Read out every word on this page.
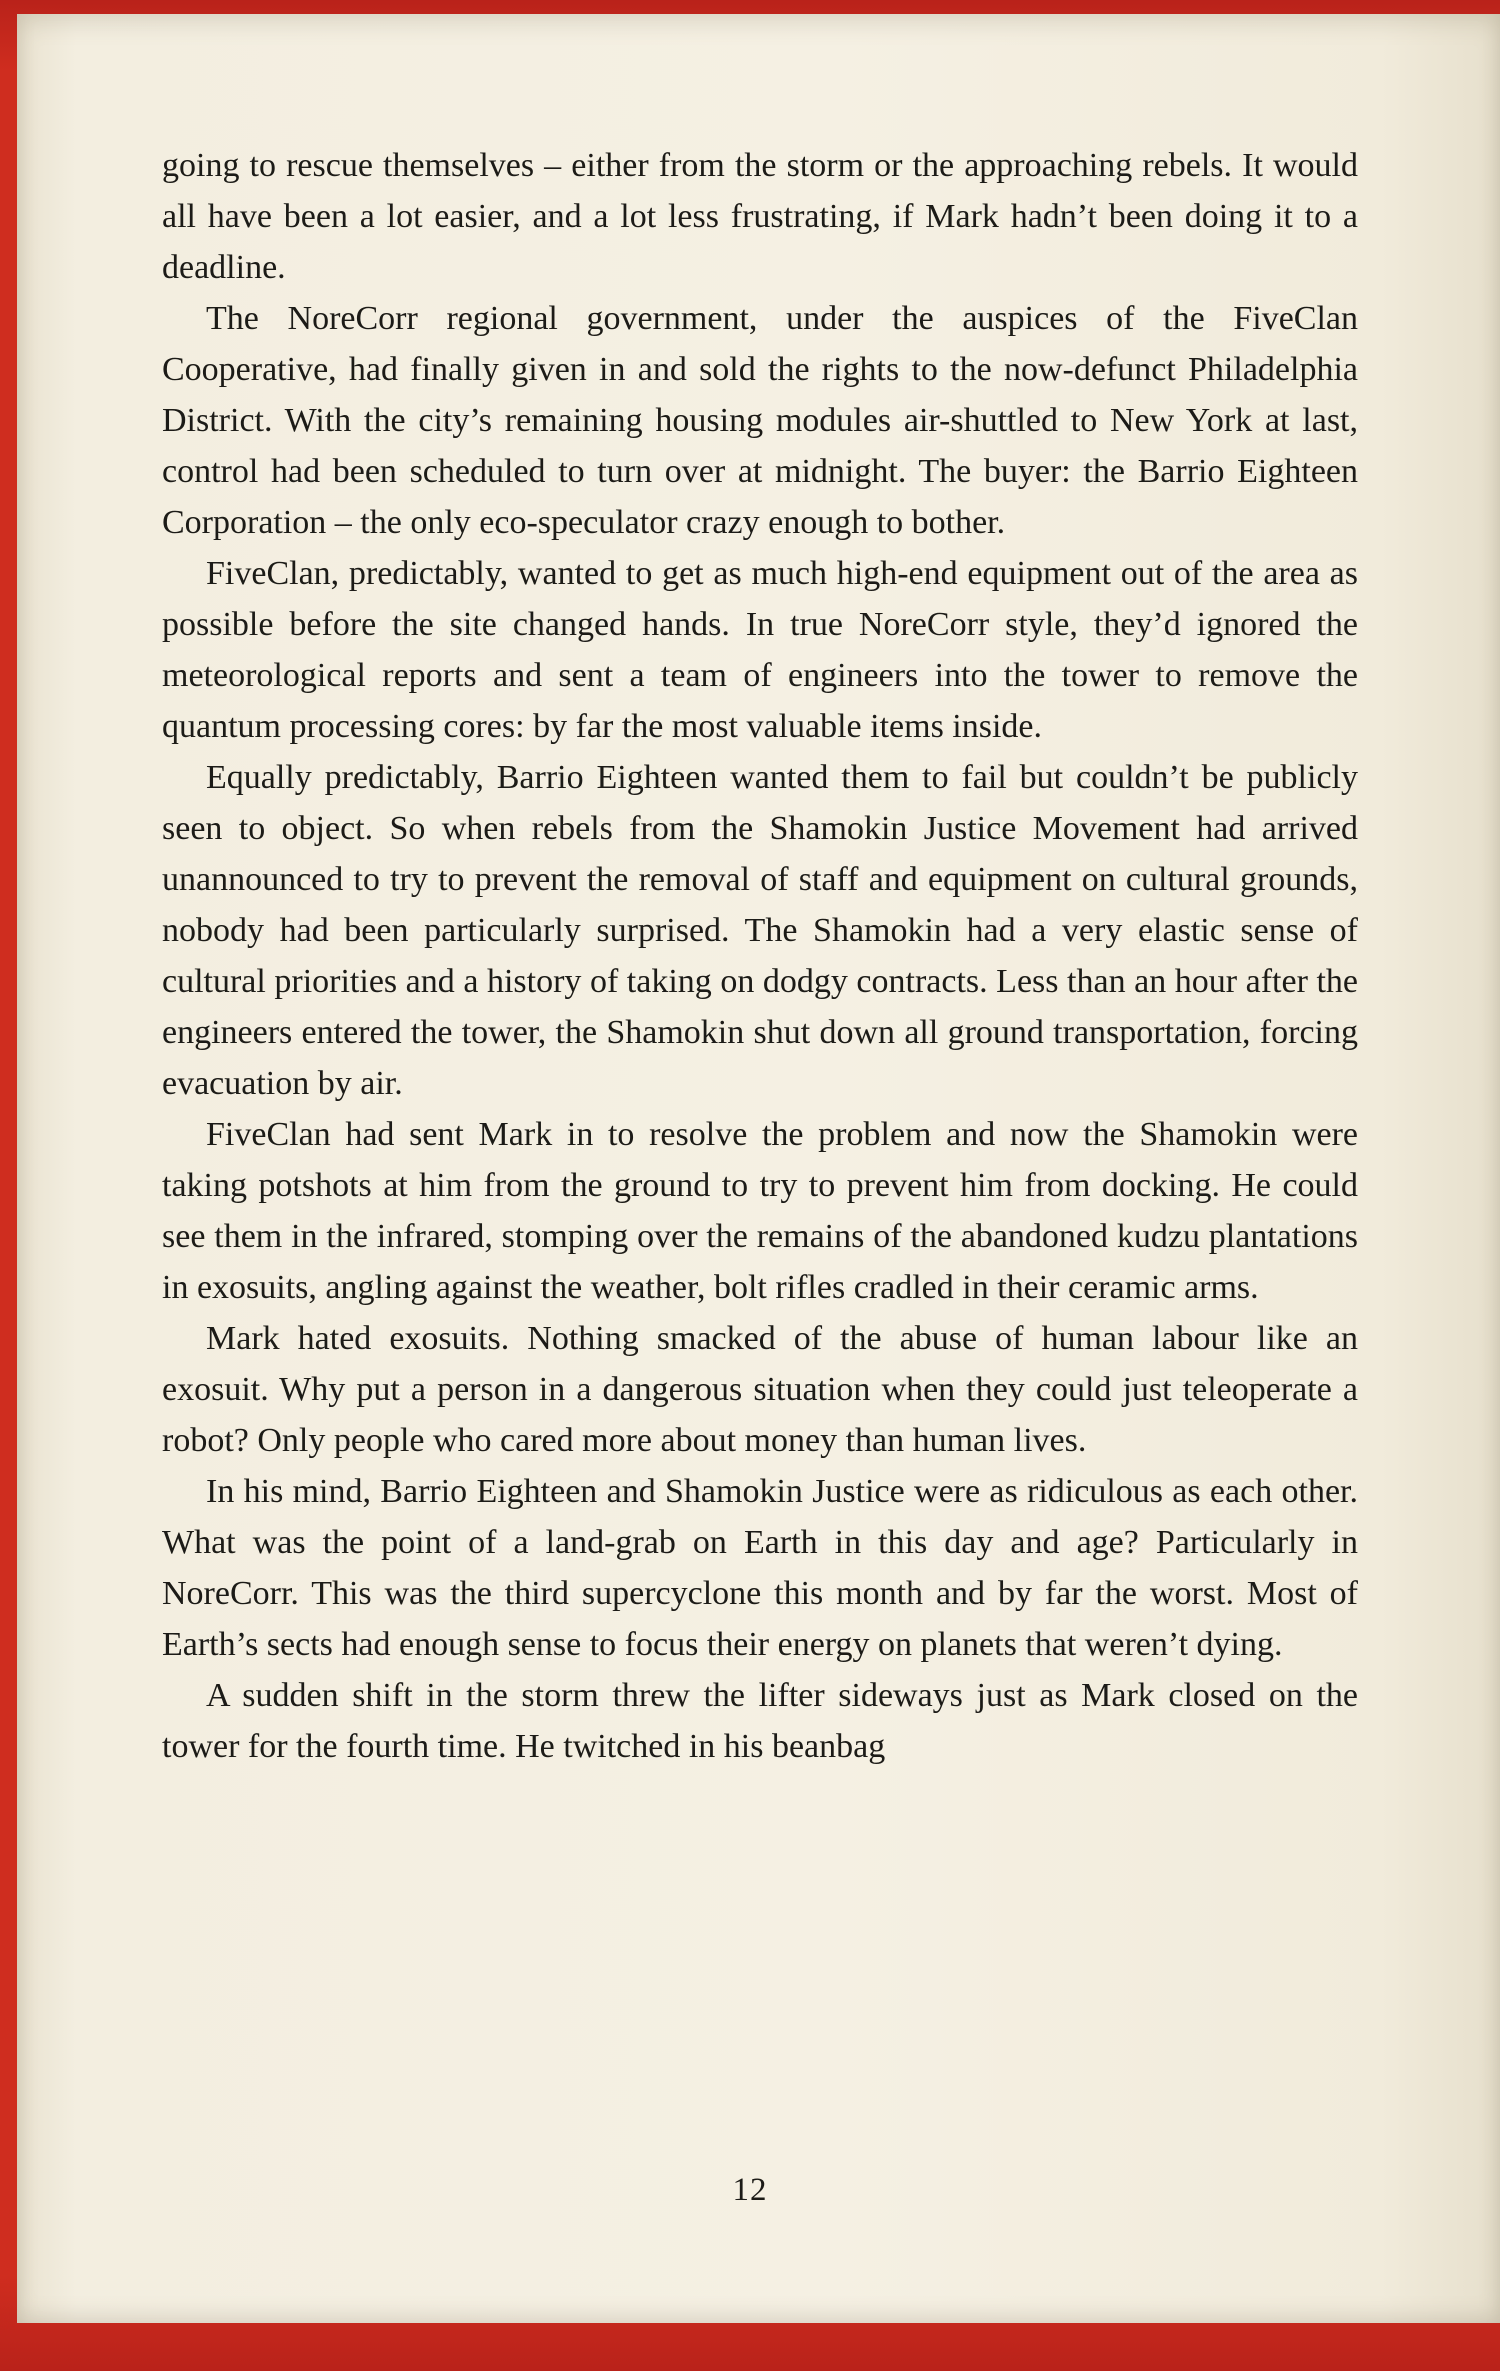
going to rescue themselves – either from the storm or the approaching rebels. It would all have been a lot easier, and a lot less frustrating, if Mark hadn’t been doing it to a deadline.

The NoreCorr regional government, under the auspices of the FiveClan Cooperative, had finally given in and sold the rights to the now-defunct Philadelphia District. With the city’s remaining housing modules air-shuttled to New York at last, control had been scheduled to turn over at midnight. The buyer: the Barrio Eighteen Corporation – the only eco-speculator crazy enough to bother.

FiveClan, predictably, wanted to get as much high-end equipment out of the area as possible before the site changed hands. In true NoreCorr style, they’d ignored the meteorological reports and sent a team of engineers into the tower to remove the quantum processing cores: by far the most valuable items inside.

Equally predictably, Barrio Eighteen wanted them to fail but couldn’t be publicly seen to object. So when rebels from the Shamokin Justice Movement had arrived unannounced to try to prevent the removal of staff and equipment on cultural grounds, nobody had been particularly surprised. The Shamokin had a very elastic sense of cultural priorities and a history of taking on dodgy contracts. Less than an hour after the engineers entered the tower, the Shamokin shut down all ground transportation, forcing evacuation by air.

FiveClan had sent Mark in to resolve the problem and now the Shamokin were taking potshots at him from the ground to try to prevent him from docking. He could see them in the infrared, stomping over the remains of the abandoned kudzu plantations in exosuits, angling against the weather, bolt rifles cradled in their ceramic arms.

Mark hated exosuits. Nothing smacked of the abuse of human labour like an exosuit. Why put a person in a dangerous situation when they could just teleoperate a robot? Only people who cared more about money than human lives.

In his mind, Barrio Eighteen and Shamokin Justice were as ridiculous as each other. What was the point of a land-grab on Earth in this day and age? Particularly in NoreCorr. This was the third supercyclone this month and by far the worst. Most of Earth’s sects had enough sense to focus their energy on planets that weren’t dying.

A sudden shift in the storm threw the lifter sideways just as Mark closed on the tower for the fourth time. He twitched in his beanbag

12
